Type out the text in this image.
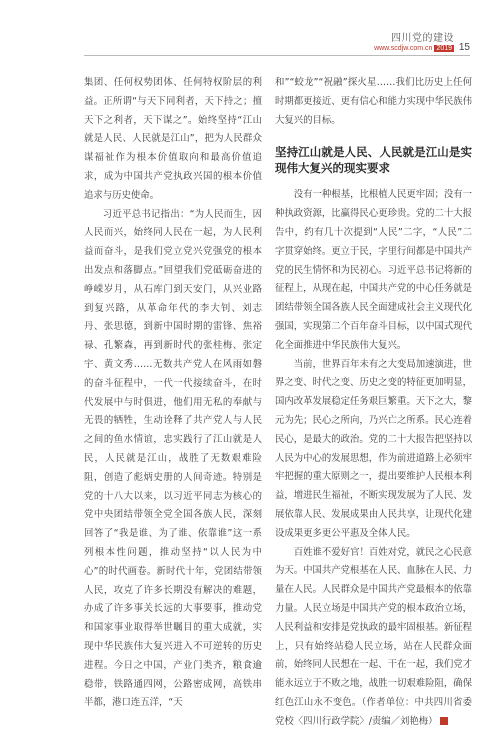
四川党的建设
www.scdjw.com.cn 2019 15

集团、任何权势团体、任何特权阶层的利益。正所谓“与天下同利者，天下持之；擅天下之利者，天下谋之”。始终坚持“江山就是人民、人民就是江山”，把为人民群众谋福祉作为根本价值取向和最高价值追求，成为中国共产党执政兴国的根本价值追求与历史使命。

习近平总书记指出：“为人民而生，因人民而兴，始终同人民在一起，为人民利益而奋斗，是我们党立党兴党强党的根本出发点和落脚点。”回望我们党砥砺奋进的峥嵘岁月，从石库门到天安门，从兴业路到复兴路，从革命年代的李大钊、刘志丹、张思德，到新中国时期的雷锋、焦裕禄、孔繁森，再到新时代的张桂梅、张定宇、黄文秀……无数共产党人在风雨如磐的奋斗征程中，一代一代接续奋斗，在时代发展中与时俱进，他们用无私的奉献与无畏的牺牲，生动诠释了共产党人与人民之间的鱼水情谊，忠实践行了江山就是人民，人民就是江山，战胜了无数艰难险阻，创造了彪炳史册的人间奇迹。特别是党的十八大以来，以习近平同志为核心的党中央团结带领全党全国各族人民，深刻回答了“我是谁、为了谁、依靠谁”这一系列根本性问题，推动坚持“以人民为中心”的时代画卷。新时代十年，党团结带领人民，攻克了许多长期没有解决的难题，办成了许多事关长远的大事要事，推动党和国家事业取得举世瞩目的重大成就，实现中华民族伟大复兴进入不可逆转的历史进程。今日之中国，产业门类齐，粮食逾稳带，铁路通四网，公路密成网，高铁串半都，港口连五洋，“天

和”“蛟龙”“祝融”探火星……我们比历史上任何时期都更接近、更有信心和能力实现中华民族伟大复兴的目标。

坚持江山就是人民、人民就是江山是实现伟大复兴的现实要求

没有一种根基，比根植人民更牢固；没有一种执政资源，比赢得民心更珍贵。党的二十大报告中，约有几十次提到“人民”二字，“人民”二字贯穿始终。更立于民，字里行间都是中国共产党的民生情怀和为民初心。习近平总书记将新的征程上，从现在起，中国共产党的中心任务就是团结带领全国各族人民全面建成社会主义现代化强国，实现第二个百年奋斗目标，以中国式现代化全面推进中华民族伟大复兴。

当前，世界百年未有之大变局加速演进，世界之变、时代之变、历史之变的特征更加明显，国内改革发展稳定任务艰巨繁重。天下之大，黎元为先；民心之所向，乃兴亡之所系。民心连着民心，是最大的政治。党的二十大报告把坚持以人民为中心的发展思想，作为前进道路上必须牢牢把握的重大原则之一，提出要维护人民根本利益，增进民生福祉，不断实现发展为了人民、发展依靠人民、发展成果由人民共享，让现代化建设成果更多更公平惠及全体人民。

百姓谁不爱好官！百姓对党，就民之心民意为天。中国共产党根基在人民、血脉在人民、力量在人民。人民群众是中国共产党最根本的依靠力量。人民立场是中国共产党的根本政治立场，人民利益和安排是党执政的最牢固根基。新征程上，只有始终站稳人民立场，站在人民群众面前，始终同人民想在一起、干在一起，我们党才能永远立于不败之地，战胜一切艰难险阻，确保红色江山永不变色。（作者单位：中共四川省委党校〈四川行政学院〉/责编／刘艳梅）
